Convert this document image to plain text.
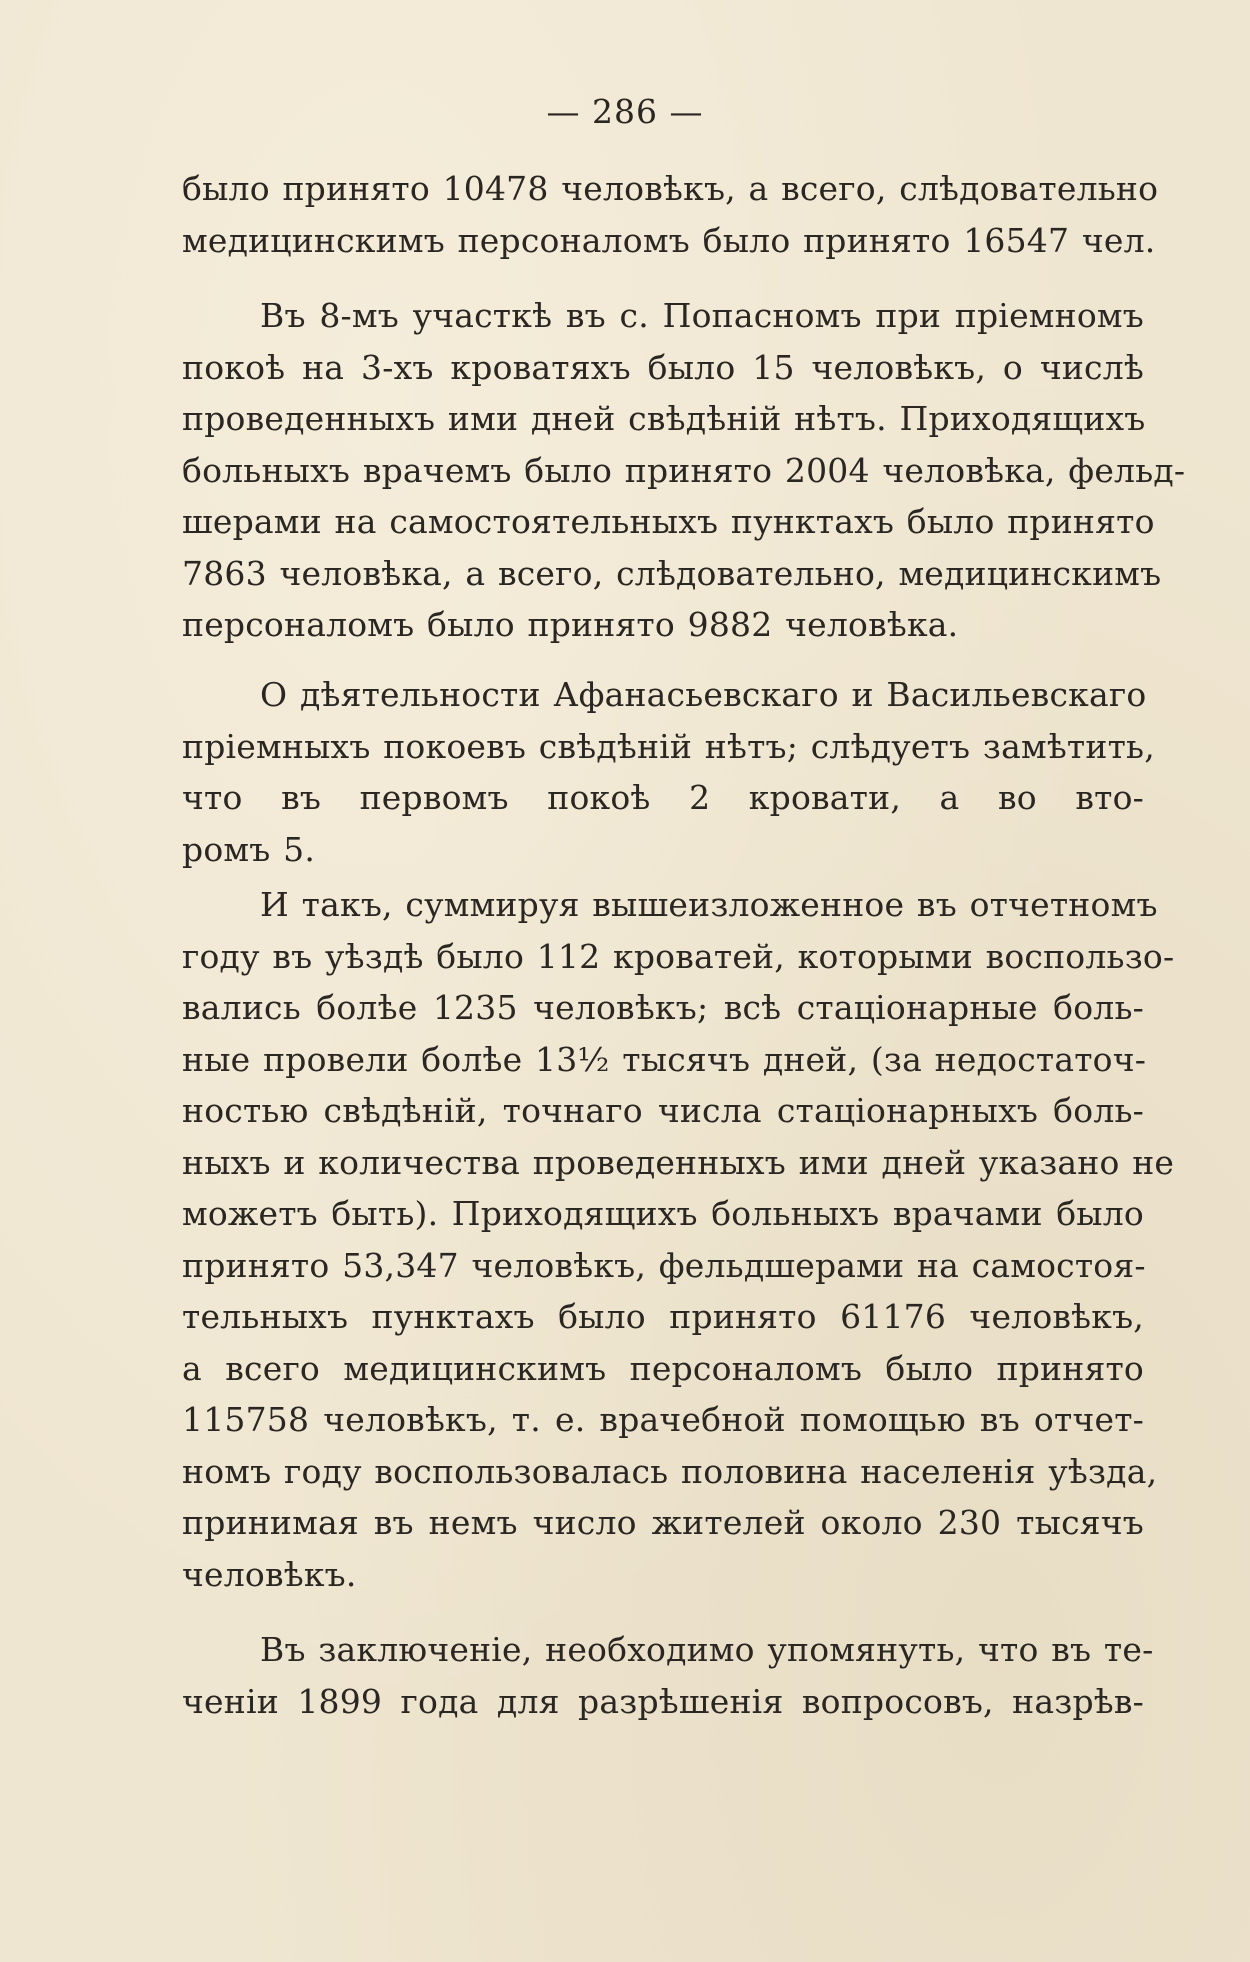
— 286 —

было принято 10478 человѣкъ, а всего, слѣдовательно
медицинскимъ персоналомъ было принято 16547 чел.

Въ 8-мъ участкѣ въ с. Попасномъ при пріемномъ
покоѣ на 3-хъ кроватяхъ было 15 человѣкъ, о числѣ
проведенныхъ ими дней свѣдѣній нѣтъ. Приходящихъ
больныхъ врачемъ было принято 2004 человѣка, фельд-
шерами на самостоятельныхъ пунктахъ было принято
7863 человѣка, а всего, слѣдовательно, медицинскимъ
персоналомъ было принято 9882 человѣка.

О дѣятельности Афанасьевскаго и Васильевскаго
пріемныхъ покоевъ свѣдѣній нѣтъ; слѣдуетъ замѣтить,
что въ первомъ покоѣ 2 кровати, а во вто-
ромъ 5.

И такъ, суммируя вышеизложенное въ отчетномъ
году въ уѣздѣ было 112 кроватей, которыми воспользо-
вались болѣе 1235 человѣкъ; всѣ стаціонарные боль-
ные провели болѣе 13½ тысячъ дней, (за недостаточ-
ностью свѣдѣній, точнаго числа стаціонарныхъ боль-
ныхъ и количества проведенныхъ ими дней указано не
можетъ быть). Приходящихъ больныхъ врачами было
принято 53,347 человѣкъ, фельдшерами на самостоя-
тельныхъ пунктахъ было принято 61176 человѣкъ,
а всего медицинскимъ персоналомъ было принято
115758 человѣкъ, т. е. врачебной помощью въ отчет-
номъ году воспользовалась половина населенія уѣзда,
принимая въ немъ число жителей около 230 тысячъ
человѣкъ.

Въ заключеніе, необходимо упомянуть, что въ те-
ченіи 1899 года для разрѣшенія вопросовъ, назрѣв-
